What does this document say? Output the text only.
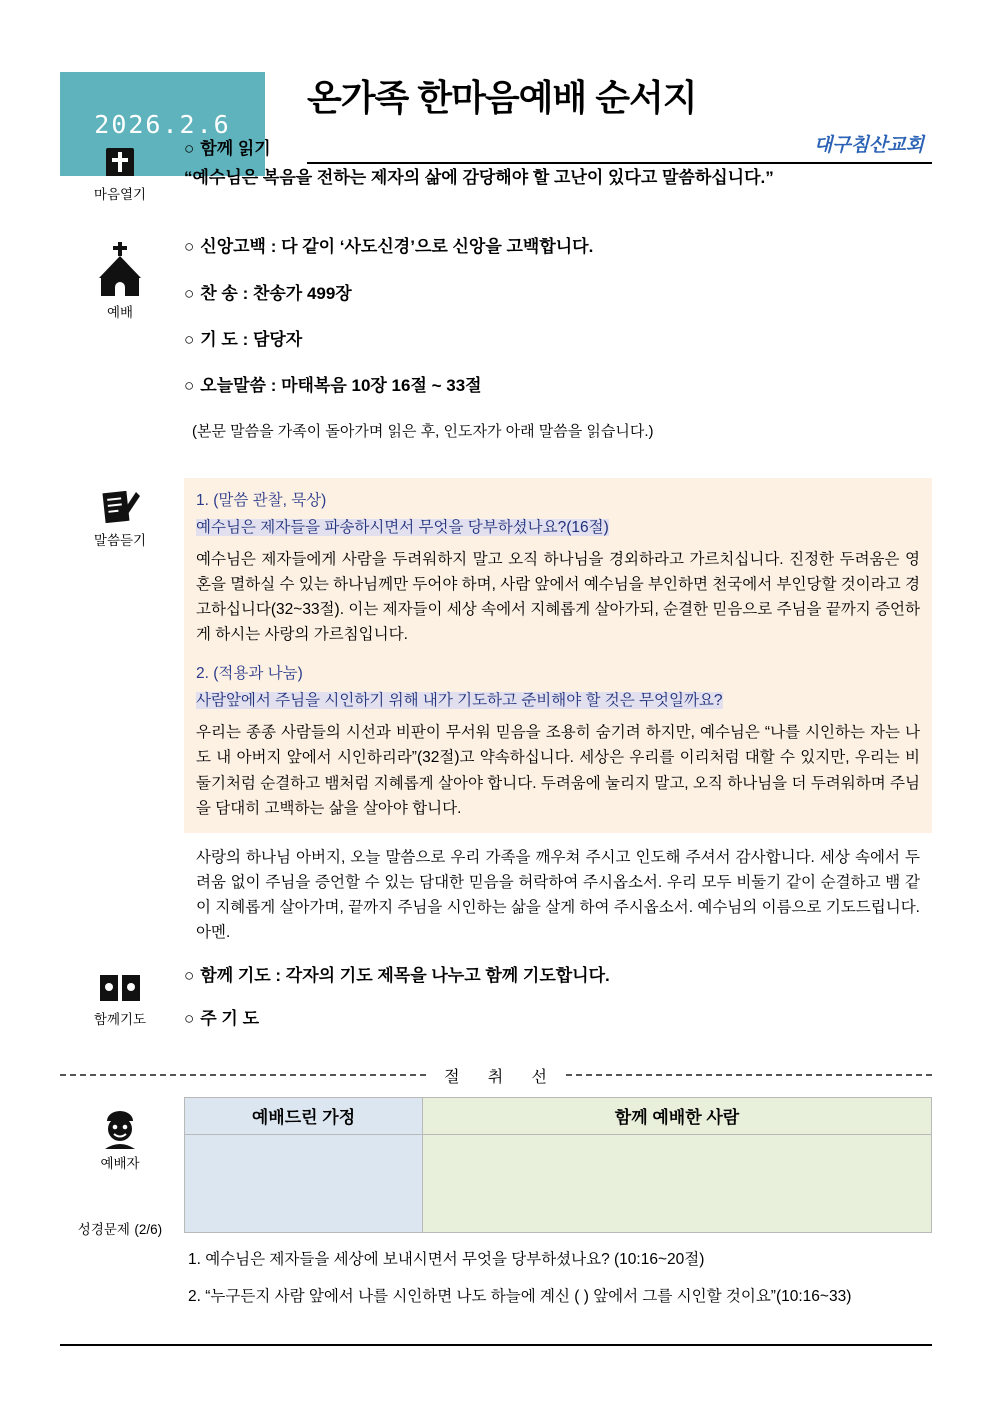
2026.2.6
온가족 한마음예배 순서지
대구침산교회
마음열기

○ 함께 읽기

“예수님은 복음을 전하는 제자의 삶에 감당해야 할 고난이 있다고 말씀하십니다.”

예배

○ 신앙고백 : 다 같이 ‘사도신경’으로 신앙을 고백합니다.

○ 찬 송 : 찬송가 499장

○ 기 도 : 담당자

○ 오늘말씀 : 마태복음 10장 16절 ~ 33절

(본문 말씀을 가족이 돌아가며 읽은 후, 인도자가 아래 말씀을 읽습니다.)

말씀듣기
1. (말씀 관찰, 묵상)
예수님은 제자들을 파송하시면서 무엇을 당부하셨나요?(16절)
예수님은 제자들에게 사람을 두려워하지 말고 오직 하나님을 경외하라고 가르치십니다. 진정한 두려움은 영혼을 멸하실 수 있는 하나님께만 두어야 하며, 사람 앞에서 예수님을 부인하면 천국에서 부인당할 것이라고 경고하십니다(32~33절). 이는 제자들이 세상 속에서 지혜롭게 살아가되, 순결한 믿음으로 주님을 끝까지 증언하게 하시는 사랑의 가르침입니다.
2. (적용과 나눔)
사람앞에서 주님을 시인하기 위해 내가 기도하고 준비해야 할 것은 무엇일까요?
우리는 종종 사람들의 시선과 비판이 무서워 믿음을 조용히 숨기려 하지만, 예수님은 “나를 시인하는 자는 나도 내 아버지 앞에서 시인하리라”(32절)고 약속하십니다. 세상은 우리를 이리처럼 대할 수 있지만, 우리는 비둘기처럼 순결하고 뱀처럼 지혜롭게 살아야 합니다. 두려움에 눌리지 말고, 오직 하나님을 더 두려워하며 주님을 담대히 고백하는 삶을 살아야 합니다.

사랑의 하나님 아버지, 오늘 말씀으로 우리 가족을 깨우쳐 주시고 인도해 주셔서 감사합니다. 세상 속에서 두려움 없이 주님을 증언할 수 있는 담대한 믿음을 허락하여 주시옵소서. 우리 모두 비둘기 같이 순결하고 뱀 같이 지혜롭게 살아가며, 끝까지 주님을 시인하는 삶을 살게 하여 주시옵소서. 예수님의 이름으로 기도드립니다. 아멘.

함께기도

○ 함께 기도 : 각자의 기도 제목을 나누고 함께 기도합니다.

○ 주 기 도

절     취     선
예배자
성경문제 (2/6)
예배드린 가정	함께 예배한 사람

1. 예수님은 제자들을 세상에 보내시면서 무엇을 당부하셨나요? (10:16~20절)

2. “누구든지 사람 앞에서 나를 시인하면 나도 하늘에 계신 ( ) 앞에서 그를 시인할 것이요”(10:16~33)
